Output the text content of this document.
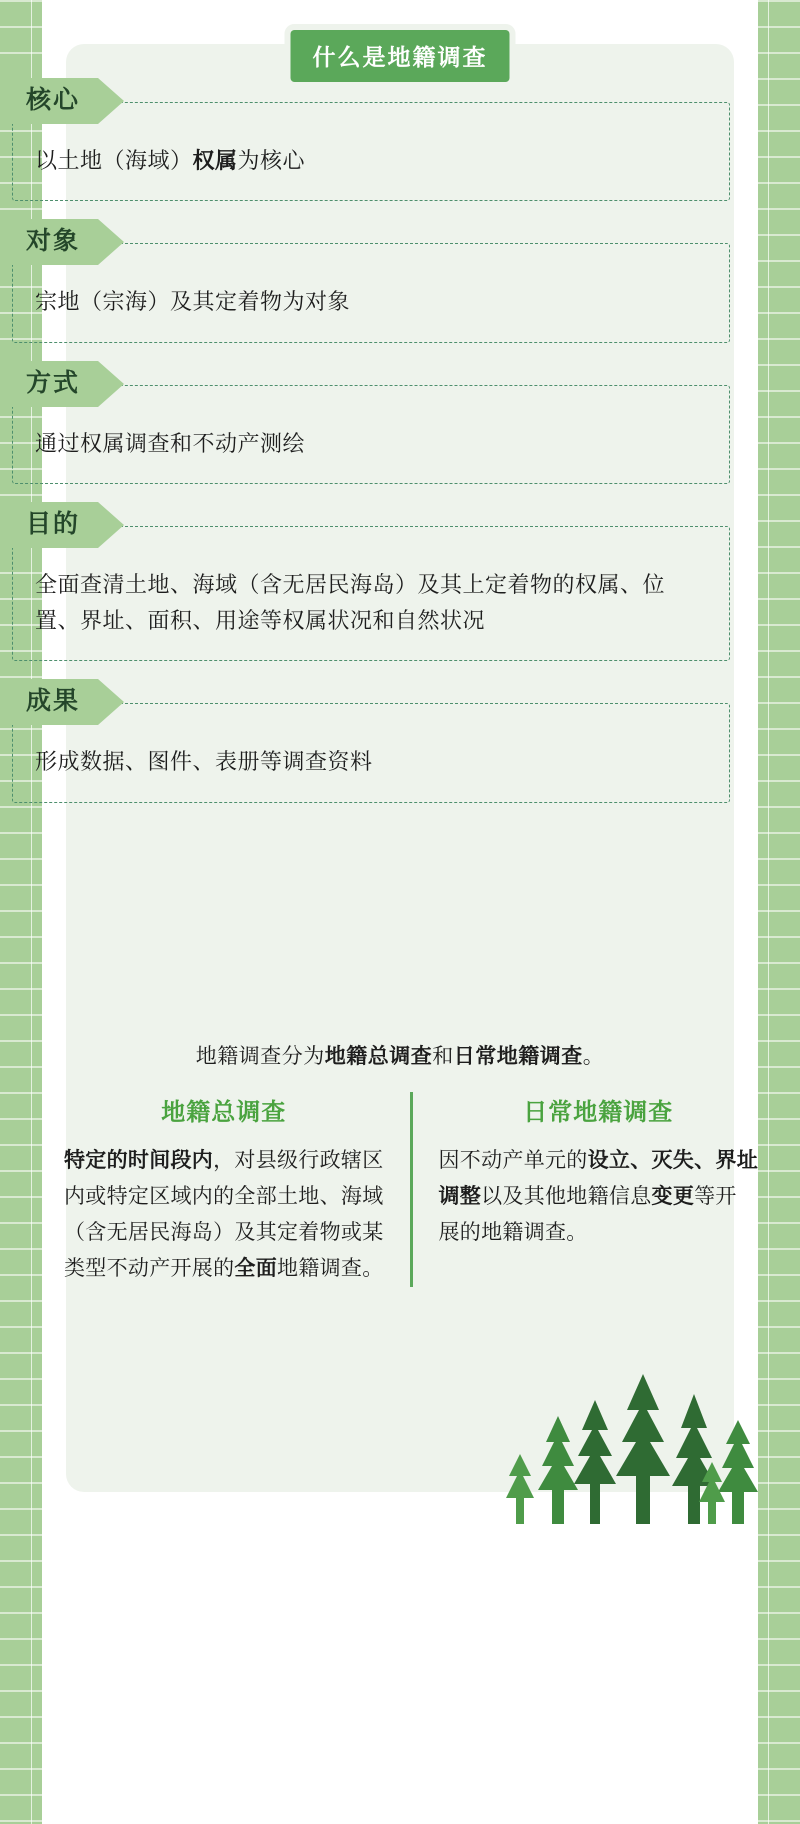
什么是地籍调查
核心
以土地（海域）权属为核心
对象
宗地（宗海）及其定着物为对象
方式
通过权属调查和不动产测绘
目的
全面查清土地、海域（含无居民海岛）及其上定着物的权属、位置、界址、面积、用途等权属状况和自然状况
成果
形成数据、图件、表册等调查资料
地籍调查分为地籍总调查和日常地籍调查。
地籍总调查
特定的时间段内，对县级行政辖区内或特定区域内的全部土地、海域（含无居民海岛）及其定着物或某类型不动产开展的全面地籍调查。
日常地籍调查
因不动产单元的设立、灭失、界址调整以及其他地籍信息变更等开展的地籍调查。
